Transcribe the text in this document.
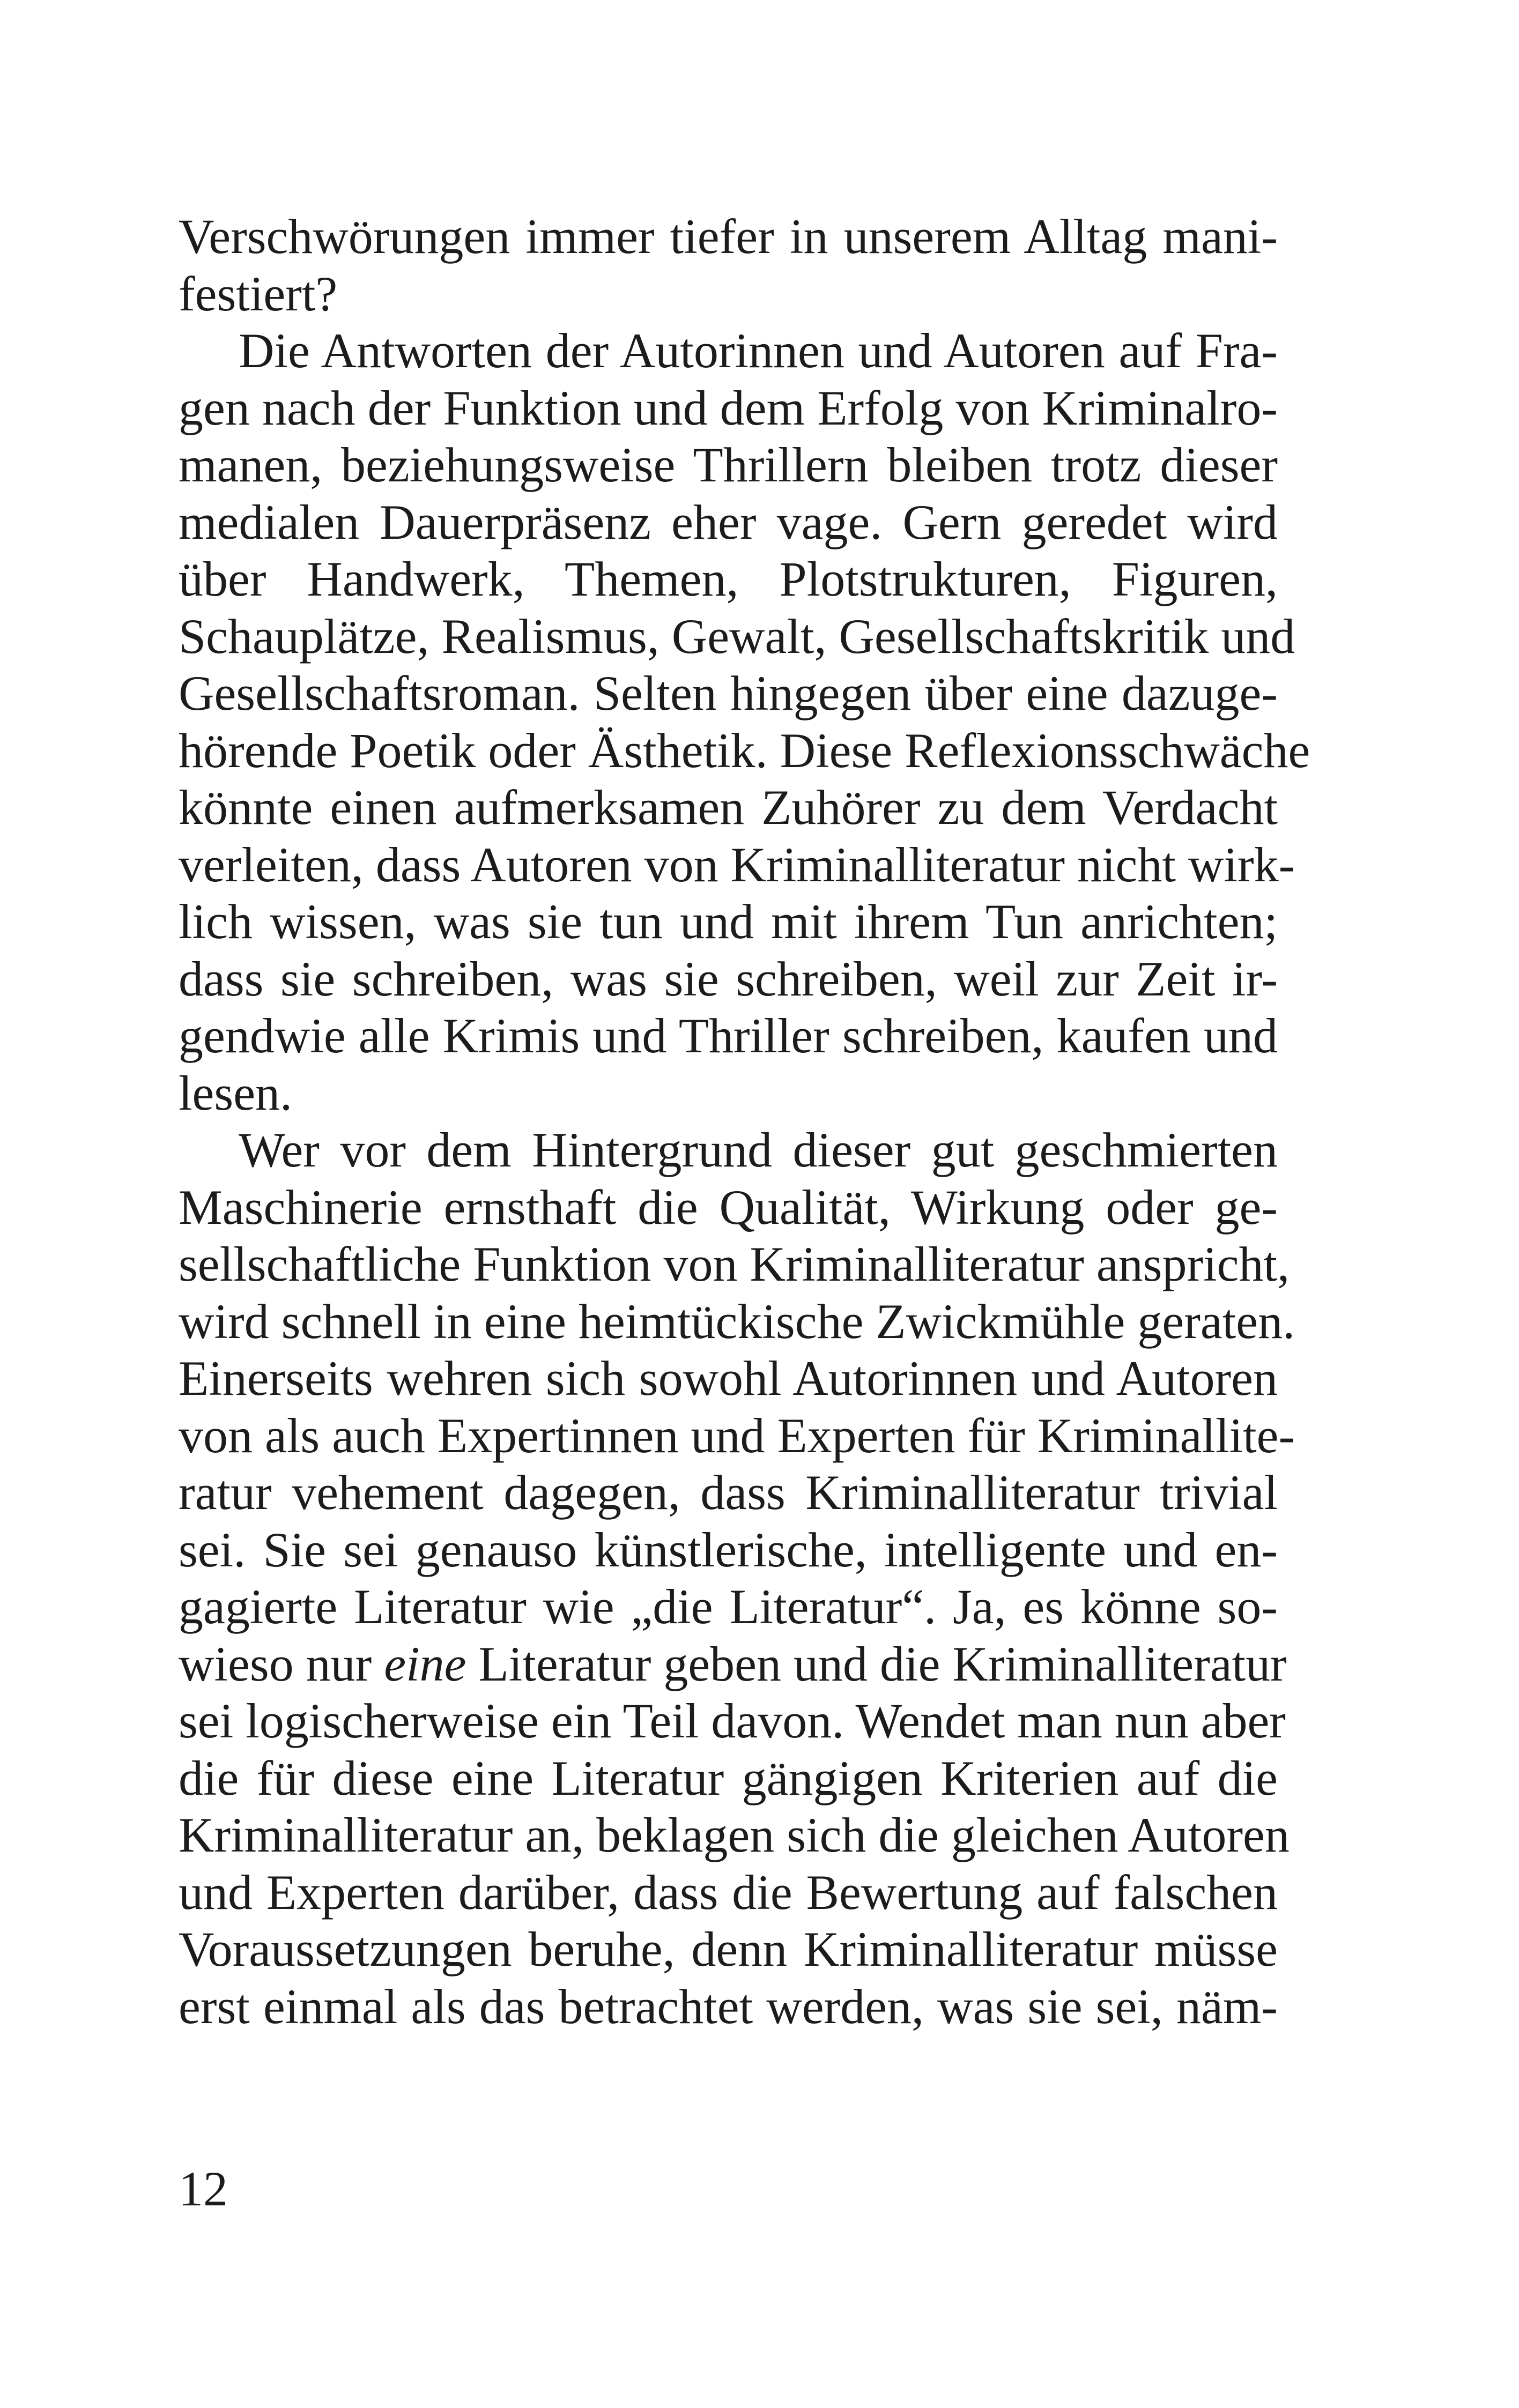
Verschwörungen immer tiefer in unserem Alltag mani-
festiert?
Die Antworten der Autorinnen und Autoren auf Fra-
gen nach der Funktion und dem Erfolg von Kriminalro-
manen, beziehungsweise Thrillern bleiben trotz dieser
medialen Dauerpräsenz eher vage. Gern geredet wird
über Handwerk, Themen, Plotstrukturen, Figuren,
Schauplätze, Realismus, Gewalt, Gesellschaftskritik und
Gesellschaftsroman. Selten hingegen über eine dazuge-
hörende Poetik oder Ästhetik. Diese Reflexionsschwäche
könnte einen aufmerksamen Zuhörer zu dem Verdacht
verleiten, dass Autoren von Kriminalliteratur nicht wirk-
lich wissen, was sie tun und mit ihrem Tun anrichten;
dass sie schreiben, was sie schreiben, weil zur Zeit ir-
gendwie alle Krimis und Thriller schreiben, kaufen und
lesen.
Wer vor dem Hintergrund dieser gut geschmierten
Maschinerie ernsthaft die Qualität, Wirkung oder ge-
sellschaftliche Funktion von Kriminalliteratur anspricht,
wird schnell in eine heimtückische Zwickmühle geraten.
Einerseits wehren sich sowohl Autorinnen und Autoren
von als auch Expertinnen und Experten für Kriminallite-
ratur vehement dagegen, dass Kriminalliteratur trivial
sei. Sie sei genauso künstlerische, intelligente und en-
gagierte Literatur wie „die Literatur“. Ja, es könne so-
wieso nur eine Literatur geben und die Kriminalliteratur
sei logischerweise ein Teil davon. Wendet man nun aber
die für diese eine Literatur gängigen Kriterien auf die
Kriminalliteratur an, beklagen sich die gleichen Autoren
und Experten darüber, dass die Bewertung auf falschen
Voraussetzungen beruhe, denn Kriminalliteratur müsse
erst einmal als das betrachtet werden, was sie sei, näm-
12
